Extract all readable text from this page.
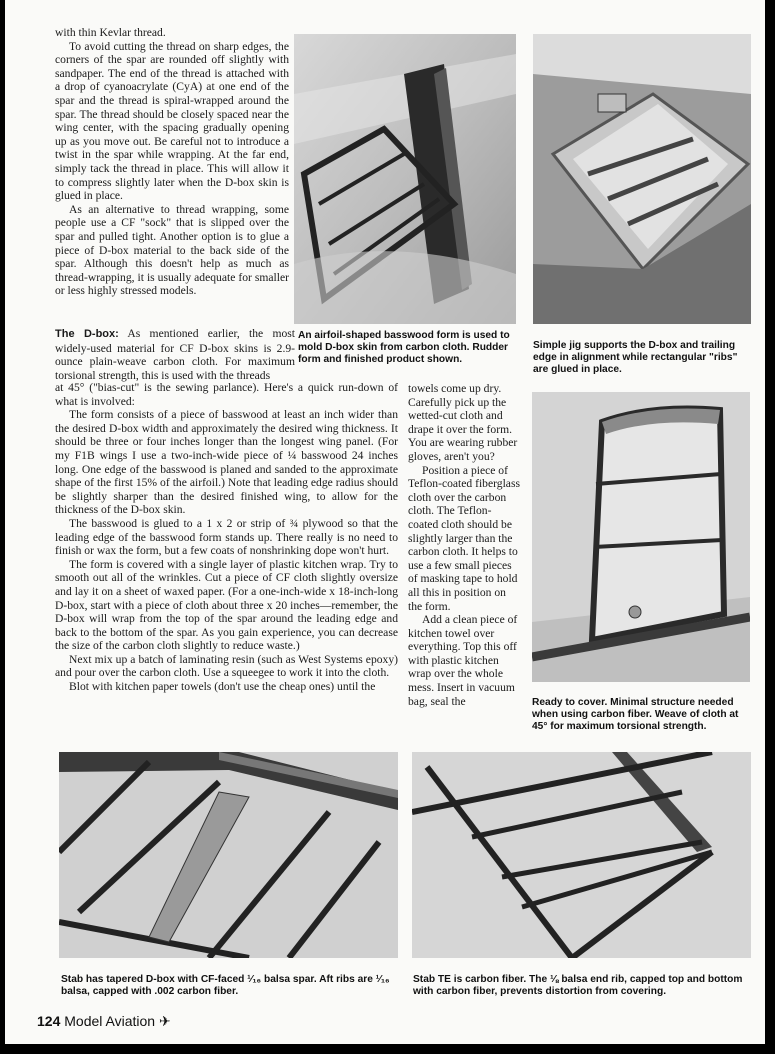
with thin Kevlar thread.

To avoid cutting the thread on sharp edges, the corners of the spar are rounded off slightly with sandpaper. The end of the thread is attached with a drop of cyanoacrylate (CyA) at one end of the spar and the thread is spiral-wrapped around the spar. The thread should be closely spaced near the wing center, with the spacing gradually opening up as you move out. Be careful not to introduce a twist in the spar while wrapping. At the far end, simply tack the thread in place. This will allow it to compress slightly later when the D-box skin is glued in place.

As an alternative to thread wrapping, some people use a CF "sock" that is slipped over the spar and pulled tight. Another option is to glue a piece of D-box material to the back side of the spar. Although this doesn't help as much as thread-wrapping, it is usually adequate for smaller or less highly stressed models.

The D-box: As mentioned earlier, the most widely-used material for CF D-box skins is 2.9-ounce plain-weave carbon cloth. For maximum torsional strength, this is used with the threads

at 45° ("bias-cut" is the sewing parlance). Here's a quick run-down of what is involved:

The form consists of a piece of basswood at least an inch wider than the desired D-box width and approximately the desired wing thickness. It should be three or four inches longer than the longest wing panel. (For my F1B wings I use a two-inch-wide piece of ¼ basswood 24 inches long. One edge of the basswood is planed and sanded to the approximate shape of the first 15% of the airfoil.) Note that leading edge radius should be slightly sharper than the desired finished wing, to allow for the thickness of the D-box skin.

The basswood is glued to a 1 x 2 or strip of ¾ plywood so that the leading edge of the basswood form stands up. There really is no need to finish or wax the form, but a few coats of nonshrinking dope won't hurt.

The form is covered with a single layer of plastic kitchen wrap. Try to smooth out all of the wrinkles. Cut a piece of CF cloth slightly oversize and lay it on a sheet of waxed paper. (For a one-inch-wide x 18-inch-long D-box, start with a piece of cloth about three x 20 inches—remember, the D-box will wrap from the top of the spar around the leading edge and back to the bottom of the spar. As you gain experience, you can decrease the size of the carbon cloth slightly to reduce waste.)

Next mix up a batch of laminating resin (such as West Systems epoxy) and pour over the carbon cloth. Use a squeegee to work it into the cloth.

Blot with kitchen paper towels (don't use the cheap ones) until the

towels come up dry. Carefully pick up the wetted-cut cloth and drape it over the form. You are wearing rubber gloves, aren't you?

Position a piece of Teflon-coated fiberglass cloth over the carbon cloth. The Teflon-coated cloth should be slightly larger than the carbon cloth. It helps to use a few small pieces of masking tape to hold all this in position on the form.

Add a clean piece of kitchen towel over everything. Top this off with plastic kitchen wrap over the whole mess. Insert in vacuum bag, seal the

An airfoil-shaped basswood form is used to mold D-box skin from carbon cloth. Rudder form and finished product shown.
Simple jig supports the D-box and trailing edge in alignment while rectangular "ribs" are glued in place.
Ready to cover. Minimal structure needed when using carbon fiber. Weave of cloth at 45° for maximum torsional strength.
Stab has tapered D-box with CF-faced ¹⁄₁₆ balsa spar. Aft ribs are ¹⁄₁₆ balsa, capped with .002 carbon fiber.
Stab TE is carbon fiber. The ⅛ balsa end rib, capped top and bottom with carbon fiber, prevents distortion from covering.
124 Model Aviation ✈
